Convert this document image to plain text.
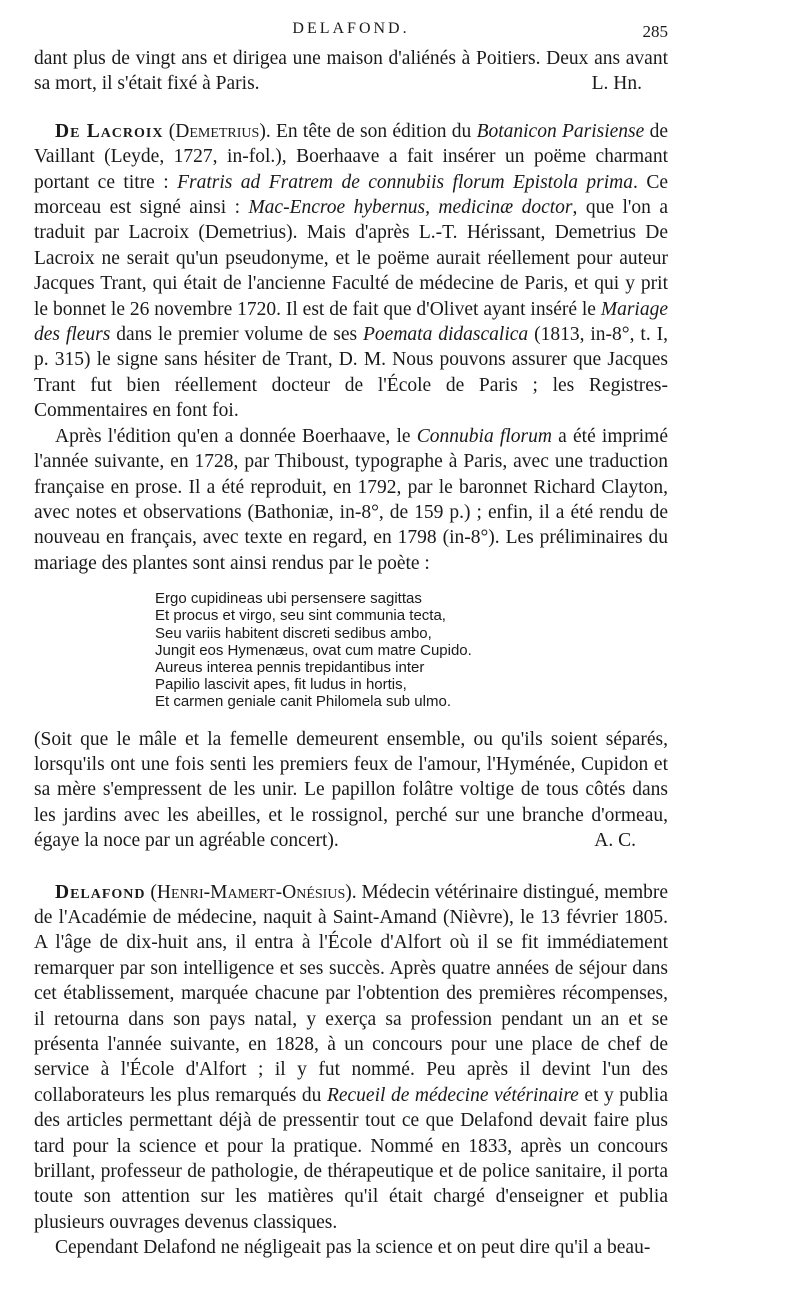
DELAFOND.	285

dant plus de vingt ans et dirigea une maison d'aliénés à Poitiers. Deux ans avant sa mort, il s'était fixé à Paris.	L. Hn.

De Lacroix (Demetrius). En tête de son édition du Botanicon Parisiense de Vaillant (Leyde, 1727, in-fol.), Boerhaave a fait insérer un poëme charmant portant ce titre : Fratris ad Fratrem de connubiis florum Epistola prima. Ce morceau est signé ainsi : Mac-Encroe hybernus, medicinæ doctor, que l'on a traduit par Lacroix (Demetrius). Mais d'après L.-T. Hérissant, Demetrius De Lacroix ne serait qu'un pseudonyme, et le poëme aurait réellement pour auteur Jacques Trant, qui était de l'ancienne Faculté de médecine de Paris, et qui y prit le bonnet le 26 novembre 1720. Il est de fait que d'Olivet ayant inséré le Mariage des fleurs dans le premier volume de ses Poemata didascalica (1813, in-8°, t. I, p. 315) le signe sans hésiter de Trant, D. M. Nous pouvons assurer que Jacques Trant fut bien réellement docteur de l'École de Paris ; les Registres-Commentaires en font foi.

Après l'édition qu'en a donnée Boerhaave, le Connubia florum a été imprimé l'année suivante, en 1728, par Thiboust, typographe à Paris, avec une traduction française en prose. Il a été reproduit, en 1792, par le baronnet Richard Clayton, avec notes et observations (Bathoniæ, in-8°, de 159 p.) ; enfin, il a été rendu de nouveau en français, avec texte en regard, en 1798 (in-8°). Les préliminaires du mariage des plantes sont ainsi rendus par le poète :

Ergo cupidineas ubi persensere sagittas
Et procus et virgo, seu sint communia tecta,
Seu variis habitent discreti sedibus ambo,
Jungit eos Hymenæus, ovat cum matre Cupido.
Aureus interea pennis trepidantibus inter
Papilio lascivit apes, fit ludus in hortis,
Et carmen geniale canit Philomela sub ulmo.

(Soit que le mâle et la femelle demeurent ensemble, ou qu'ils soient séparés, lorsqu'ils ont une fois senti les premiers feux de l'amour, l'Hyménée, Cupidon et sa mère s'empressent de les unir. Le papillon folâtre voltige de tous côtés dans les jardins avec les abeilles, et le rossignol, perché sur une branche d'ormeau, égaye la noce par un agréable concert).	A. C.

Delafond (Henri-Mamert-Onésius). Médecin vétérinaire distingué, membre de l'Académie de médecine, naquit à Saint-Amand (Nièvre), le 13 février 1805. A l'âge de dix-huit ans, il entra à l'École d'Alfort où il se fit immédiatement remarquer par son intelligence et ses succès. Après quatre années de séjour dans cet établissement, marquée chacune par l'obtention des premières récompenses, il retourna dans son pays natal, y exerça sa profession pendant un an et se présenta l'année suivante, en 1828, à un concours pour une place de chef de service à l'École d'Alfort ; il y fut nommé. Peu après il devint l'un des collaborateurs les plus remarqués du Recueil de médecine vétérinaire et y publia des articles permettant déjà de pressentir tout ce que Delafond devait faire plus tard pour la science et pour la pratique. Nommé en 1833, après un concours brillant, professeur de pathologie, de thérapeutique et de police sanitaire, il porta toute son attention sur les matières qu'il était chargé d'enseigner et publia plusieurs ouvrages devenus classiques.

Cependant Delafond ne négligeait pas la science et on peut dire qu'il a beau-
